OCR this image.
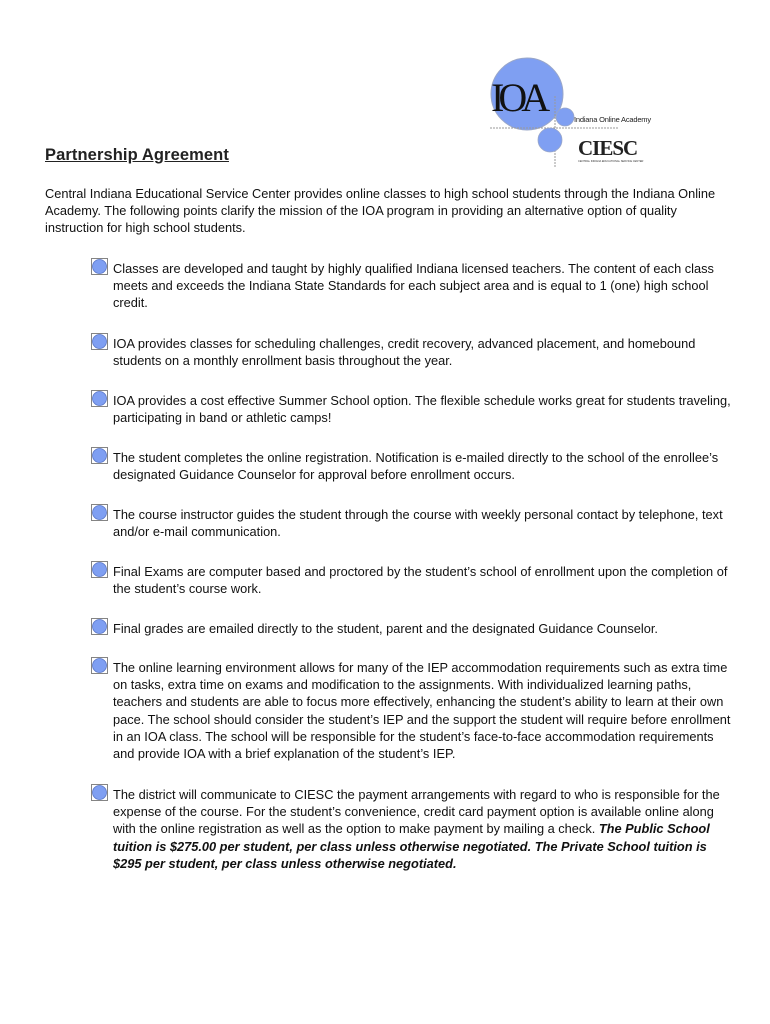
IOA	Indiana Online Academy
CIESC
CENTRAL INDIANA EDUCATIONAL SERVICE CENTER
Partnership Agreement
Central Indiana Educational Service Center provides online classes to high school students through the Indiana Online Academy. The following points clarify the mission of the IOA program in providing an alternative option of quality instruction for high school students.
Classes are developed and taught by highly qualified Indiana licensed teachers. The content of each class meets and exceeds the Indiana State Standards for each subject area and is equal to 1 (one) high school credit.
IOA provides classes for scheduling challenges, credit recovery, advanced placement, and homebound students on a monthly enrollment basis throughout the year.
IOA provides a cost effective Summer School option. The flexible schedule works great for students traveling, participating in band or athletic camps!
The student completes the online registration. Notification is e-mailed directly to the school of the enrollee’s designated Guidance Counselor for approval before enrollment occurs.
The course instructor guides the student through the course with weekly personal contact by telephone, text and/or e-mail communication.
Final Exams are computer based and proctored by the student’s school of enrollment upon the completion of the student’s course work.
Final grades are emailed directly to the student, parent and the designated Guidance Counselor.
The online learning environment allows for many of the IEP accommodation requirements such as extra time on tasks, extra time on exams and modification to the assignments. With individualized learning paths, teachers and students are able to focus more effectively, enhancing the student’s ability to learn at their own pace. The school should consider the student’s IEP and the support the student will require before enrollment in an IOA class. The school will be responsible for the student’s face-to-face accommodation requirements and provide IOA with a brief explanation of the student’s IEP.
The district will communicate to CIESC the payment arrangements with regard to who is responsible for the expense of the course. For the student’s convenience, credit card payment option is available online along with the online registration as well as the option to make payment by mailing a check. The Public School tuition is $275.00 per student, per class unless otherwise negotiated. The Private School tuition is $295 per student, per class unless otherwise negotiated.
